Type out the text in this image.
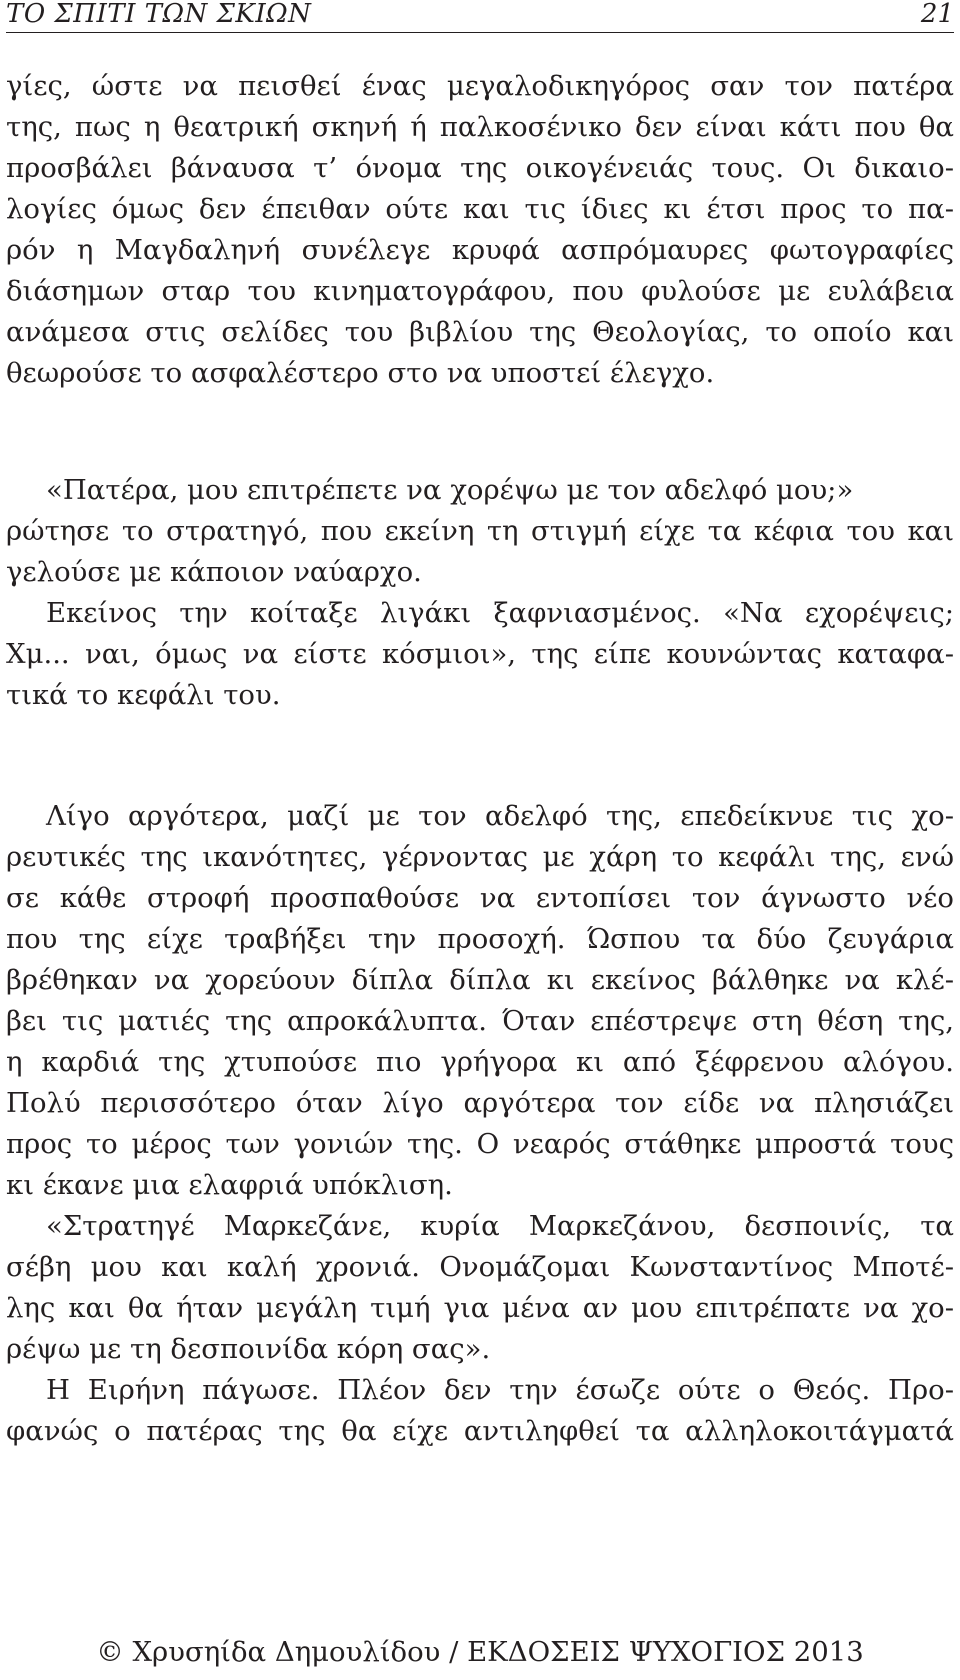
ΤΟ ΣΠΙΤΙ ΤΩΝ ΣΚΙΩΝ	21
γίες, ώστε να πεισθεί ένας μεγαλοδικηγόρος σαν τον πατέρα
της, πως η θεατρική σκηνή ή παλκοσένικο δεν είναι κάτι που θα
προσβάλει βάναυσα τ’ όνομα της οικογένειάς τους. Οι δικαιο-
λογίες όμως δεν έπειθαν ούτε και τις ίδιες κι έτσι προς το πα-
ρόν η Μαγδαληνή συνέλεγε κρυφά ασπρόμαυρες φωτογραφίες
διάσημων σταρ του κινηματογράφου, που φυλούσε με ευλάβεια
ανάμεσα στις σελίδες του βιβλίου της Θεολογίας, το οποίο και
θεωρούσε το ασφαλέστερο στο να υποστεί έλεγχο.
«Πατέρα, μου επιτρέπετε να χορέψω με τον αδελφό μου;»
ρώτησε το στρατηγό, που εκείνη τη στιγμή είχε τα κέφια του και
γελούσε με κάποιον ναύαρχο.
Εκείνος την κοίταξε λιγάκι ξαφνιασμένος. «Να εχορέψεις;
Χμ... ναι, όμως να είστε κόσμιοι», της είπε κουνώντας καταφα-
τικά το κεφάλι του.
Λίγο αργότερα, μαζί με τον αδελφό της, επεδείκνυε τις χο-
ρευτικές της ικανότητες, γέρνοντας με χάρη το κεφάλι της, ενώ
σε κάθε στροφή προσπαθούσε να εντοπίσει τον άγνωστο νέο
που της είχε τραβήξει την προσοχή. Ώσπου τα δύο ζευγάρια
βρέθηκαν να χορεύουν δίπλα δίπλα κι εκείνος βάλθηκε να κλέ-
βει τις ματιές της απροκάλυπτα. Όταν επέστρεψε στη θέση της,
η καρδιά της χτυπούσε πιο γρήγορα κι από ξέφρενου αλόγου.
Πολύ περισσότερο όταν λίγο αργότερα τον είδε να πλησιάζει
προς το μέρος των γονιών της. Ο νεαρός στάθηκε μπροστά τους
κι έκανε μια ελαφριά υπόκλιση.
«Στρατηγέ Μαρκεζάνε, κυρία Μαρκεζάνου, δεσποινίς, τα
σέβη μου και καλή χρονιά. Ονομάζομαι Κωνσταντίνος Μποτέ-
λης και θα ήταν μεγάλη τιμή για μένα αν μου επιτρέπατε να χο-
ρέψω με τη δεσποινίδα κόρη σας».
Η Ειρήνη πάγωσε. Πλέον δεν την έσωζε ούτε ο Θεός. Προ-
φανώς ο πατέρας της θα είχε αντιληφθεί τα αλληλοκοιτάγματά
© Χρυσηίδα Δημουλίδου / ΕΚΔΟΣΕΙΣ ΨΥΧΟΓΙΟΣ 2013
